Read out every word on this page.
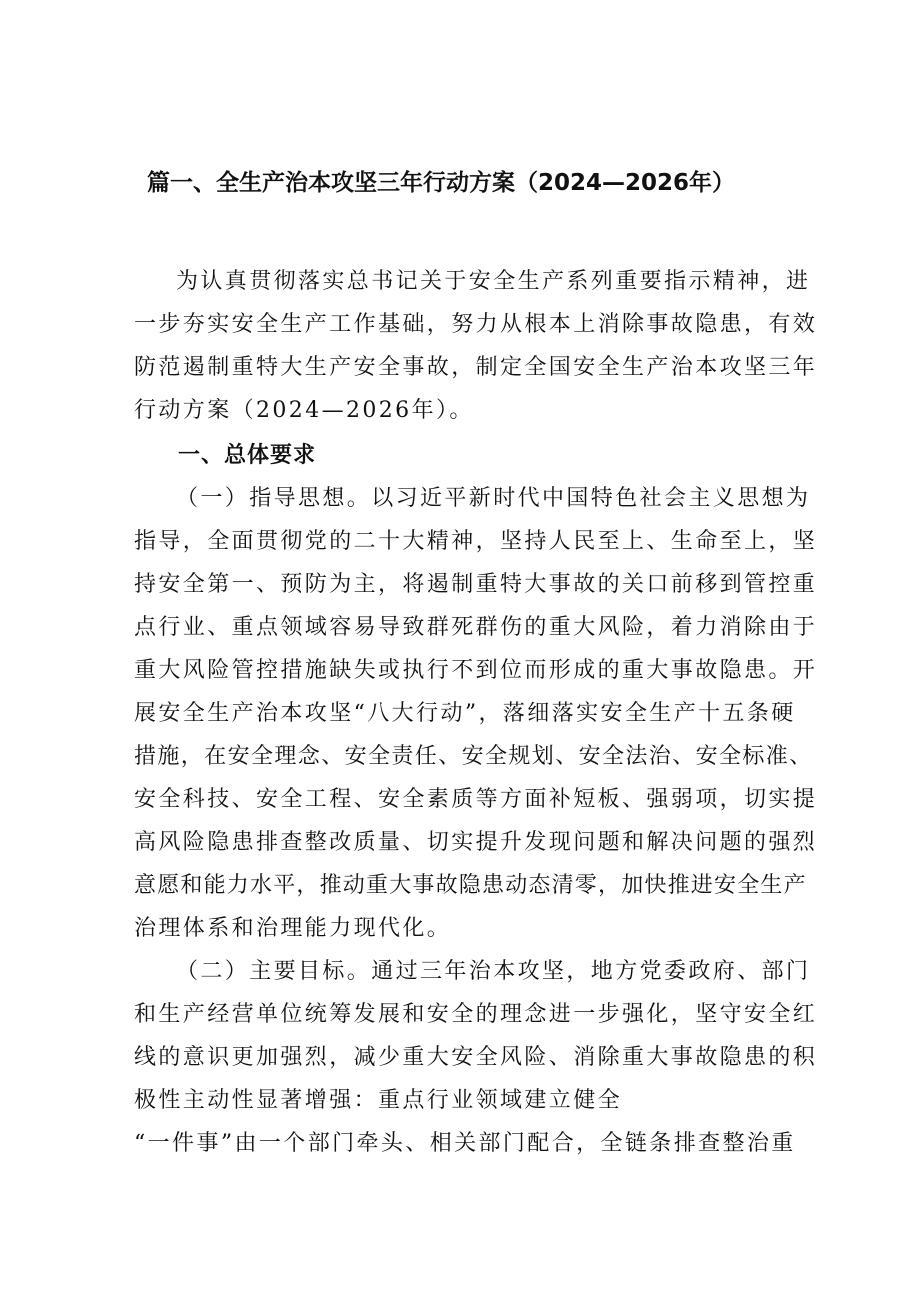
篇一、全生产治本攻坚三年行动方案（2024—2026年）
为认真贯彻落实总书记关于安全生产系列重要指示精神，进
一步夯实安全生产工作基础，努力从根本上消除事故隐患，有效
防范遏制重特大生产安全事故，制定全国安全生产治本攻坚三年
行动方案（2024—2026年）。
一、总体要求
（一）指导思想。以习近平新时代中国特色社会主义思想为
指导，全面贯彻党的二十大精神，坚持人民至上、生命至上，坚
持安全第一、预防为主，将遏制重特大事故的关口前移到管控重
点行业、重点领域容易导致群死群伤的重大风险，着力消除由于
重大风险管控措施缺失或执行不到位而形成的重大事故隐患。开
展安全生产治本攻坚“八大行动”，落细落实安全生产十五条硬
措施，在安全理念、安全责任、安全规划、安全法治、安全标准、
安全科技、安全工程、安全素质等方面补短板、强弱项，切实提
高风险隐患排查整改质量、切实提升发现问题和解决问题的强烈
意愿和能力水平，推动重大事故隐患动态清零，加快推进安全生产
治理体系和治理能力现代化。
（二）主要目标。通过三年治本攻坚，地方党委政府、部门
和生产经营单位统筹发展和安全的理念进一步强化，坚守安全红
线的意识更加强烈，减少重大安全风险、消除重大事故隐患的积
极性主动性显著增强：重点行业领域建立健全
“一件事”由一个部门牵头、相关部门配合，全链条排查整治重
